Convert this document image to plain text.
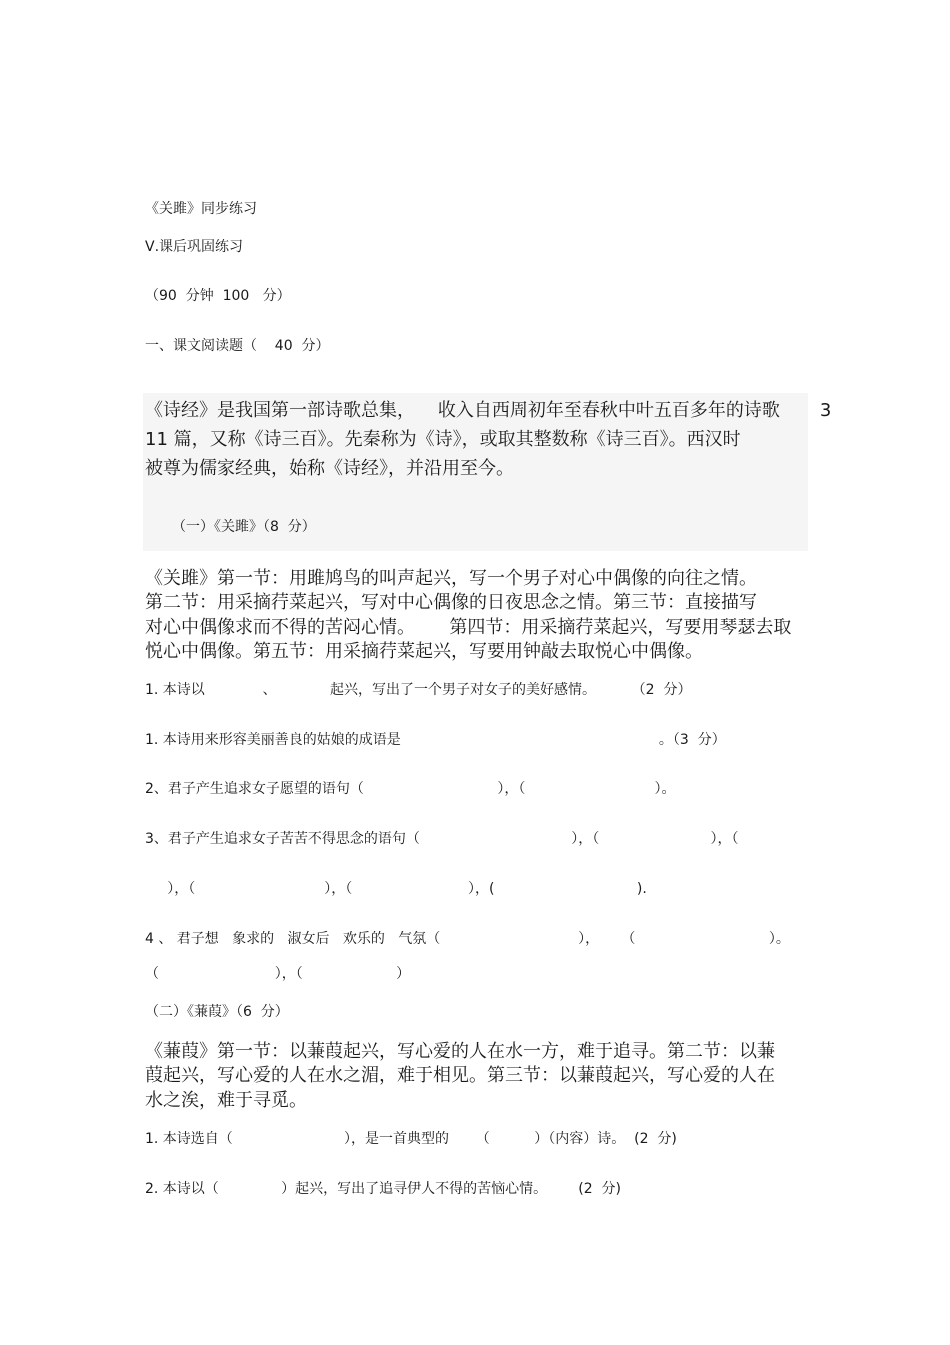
《关雎》同步练习
Ⅴ.课后巩固练习
（90  分钟  100   分）
一、课文阅读题（    40  分）
《诗经》是我国第一部诗歌总集，    收入自西周初年至春秋中叶五百多年的诗歌       3
11 篇，又称《诗三百》。先秦称为《诗》，或取其整数称《诗三百》。西汉时
被尊为儒家经典，始称《诗经》，并沿用至今。
（一）《关雎》（8  分）
《关雎》第一节：用雎鸠鸟的叫声起兴，写一个男子对心中偶像的向往之情。
第二节：用采摘荇菜起兴，写对中心偶像的日夜思念之情。第三节：直接描写
对心中偶像求而不得的苦闷心情。      第四节：用采摘荇菜起兴，写要用琴瑟去取
悦心中偶像。第五节：用采摘荇菜起兴，写要用钟敲去取悦心中偶像。
1. 本诗以             、            起兴，写出了一个男子对女子的美好感情。        （2  分）
1. 本诗用来形容美丽善良的姑娘的成语是                                                          。（3  分）
2、君子产生追求女子愿望的语句（                              ），（                             ）。
3、君子产生追求女子苦苦不得思念的语句（                                  ），（                         ），（
），（                             ），（                          ），(                                ).
4 、 君子想   象求的   淑女后   欢乐的   气氛（                               ），     （                              ）。
（                          ），（                     ）
（二）《蒹葭》（6  分）
《蒹葭》第一节：以蒹葭起兴，写心爱的人在水一方，难于追寻。第二节：以蒹
葭起兴，写心爱的人在水之湄，难于相见。第三节：以蒹葭起兴，写心爱的人在
水之涘，难于寻觅。
1. 本诗选自（                         ），是一首典型的      （          ）（内容）诗。  (2  分)
2. 本诗以（              ）起兴，写出了追寻伊人不得的苦恼心情。       (2  分)
